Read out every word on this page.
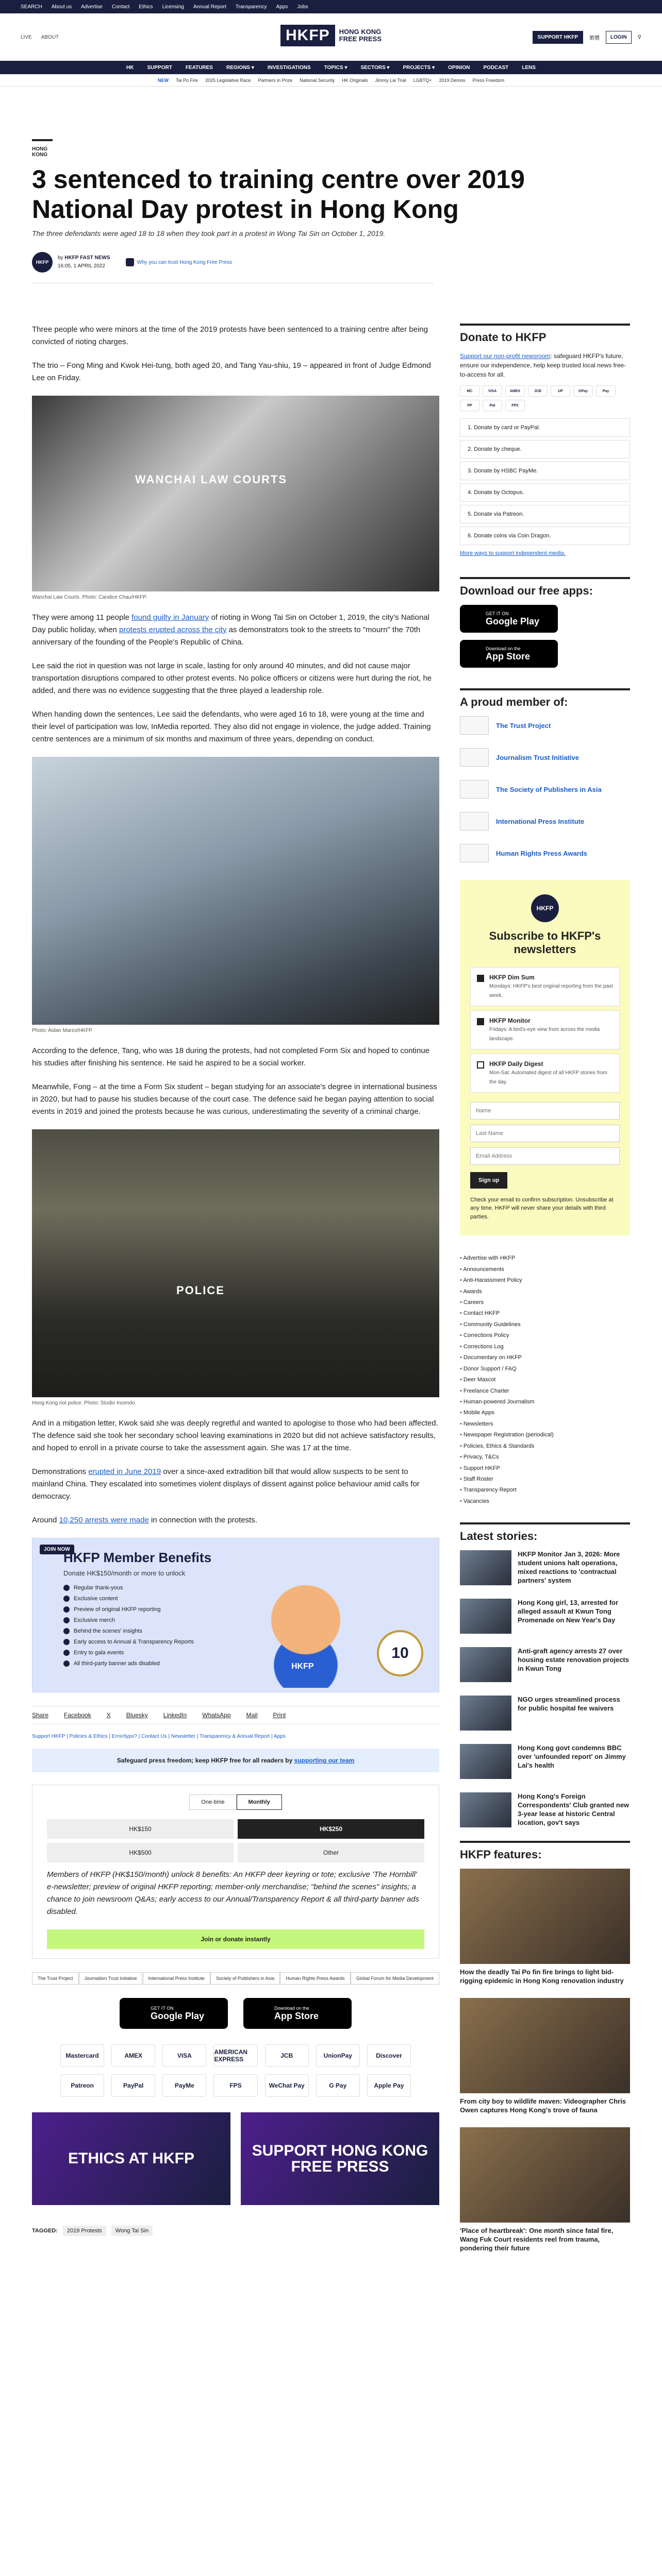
SEARCH About us Advertise Contact Ethics Licensing Annual Report Transparency Apps Jobs
LIVE ABOUT	HKFP	HONG KONG
FREE PRESS	SUPPORT HKFP	繁體	LOGIN	⚲
HK	SUPPORT	FEATURES	REGIONS ▾	INVESTIGATIONS	TOPICS ▾	SECTORS ▾	PROJECTS ▾	OPINION	PODCAST	LENS
NEW Tai Po Fire 2025 Legislative Race Partners in Prize National Security HK Originals Jimmy Lai Trial LGBTQ+ 2019 Demos Press Freedom
HONG KONG
3 sentenced to training centre over 2019 National Day protest in Hong Kong

The three defendants were aged 18 to 18 when they took part in a protest in Wong Tai Sin on October 1, 2019.

HKFP
by HKFP FAST NEWS
16:05, 1 APRIL 2022
Why you can trust Hong Kong Free Press

Three people who were minors at the time of the 2019 protests have been sentenced to a training centre after being convicted of rioting charges.

The trio – Fong Ming and Kwok Hei-tung, both aged 20, and Tang Yau-shiu, 19 – appeared in front of Judge Edmond Lee on Friday.

WANCHAI LAW COURTS
Wanchai Law Courts. Photo: Candice Chau/HKFP.

They were among 11 people found guilty in January of rioting in Wong Tai Sin on October 1, 2019, the city's National Day public holiday, when protests erupted across the city as demonstrators took to the streets to "mourn" the 70th anniversary of the founding of the People's Republic of China.

Lee said the riot in question was not large in scale, lasting for only around 40 minutes, and did not cause major transportation disruptions compared to other protest events. No police officers or citizens were hurt during the riot, he added, and there was no evidence suggesting that the three played a leadership role.

When handing down the sentences, Lee said the defendants, who were aged 16 to 18, were young at the time and their level of participation was low, InMedia reported. They also did not engage in violence, the judge added. Training centre sentences are a minimum of six months and maximum of three years, depending on conduct.

Photo: Aidan Marzo/HKFP.

According to the defence, Tang, who was 18 during the protests, had not completed Form Six and hoped to continue his studies after finishing his sentence. He said he aspired to be a social worker.

Meanwhile, Fong – at the time a Form Six student – began studying for an associate's degree in international business in 2020, but had to pause his studies because of the court case. The defence said he began paying attention to social events in 2019 and joined the protests because he was curious, underestimating the severity of a criminal charge.

POLICE
Hong Kong riot police. Photo: Studio Incendo.

And in a mitigation letter, Kwok said she was deeply regretful and wanted to apologise to those who had been affected. The defence said she took her secondary school leaving examinations in 2020 but did not achieve satisfactory results, and hoped to enroll in a private course to take the assessment again. She was 17 at the time.

Demonstrations erupted in June 2019 over a since-axed extradition bill that would allow suspects to be sent to mainland China. They escalated into sometimes violent displays of dissent against police behaviour amid calls for democracy.

Around 10,250 arrests were made in connection with the protests.

JOIN NOW
HKFP Member Benefits
Donate HK$150/month or more to unlock
Regular thank-yous
Exclusive content
Preview of original HKFP reporting
Exclusive merch
Behind the scenes' insights
Early access to Annual & Transparency Reports
Entry to gala events
All third-party banner ads disabled	HKFP
10
Share	Facebook	X	Bluesky	LinkedIn	WhatsApp	Mail	Print
Support HKFP | Policies & Ethics | Error/typo? | Contact Us | Newsletter | Transparency & Annual Report | Apps
Safeguard press freedom; keep HKFP free for all readers by supporting our team
One-time	Monthly
HK$150	HK$250
HK$500	Other

Members of HKFP (HK$150/month) unlock 8 benefits: An HKFP deer keyring or tote; exclusive 'The Hornbill' e-newsletter; preview of original HKFP reporting; member-only merchandise; "behind the scenes" insights; a chance to join newsroom Q&As; early access to our Annual/Transparency Report & all third-party banner ads disabled.

Join or donate instantly
The Trust Project	Journalism Trust Initiative	International Press Institute	Society of Publishers in Asia	Human Rights Press Awards	Global Forum for Media Development
GET IT ON
Google Play
Download on the
App Store
Mastercard	AMEX	VISA	AMERICAN EXPRESS	JCB	UnionPay	Discover
Patreon	PayPal	PayMe	FPS	WeChat Pay	G Pay	Apple Pay
ETHICS AT HKFP	SUPPORT HONG KONG FREE PRESS
TAGGED:	2019 Protests	Wong Tai Sin
Donate to HKFP

Support our non-profit newsroom: safeguard HKFP's future, ensure our independence, help keep trusted local news free-to-access for all.

MC	VISA	AMEX	JCB	UP	GPay	Pay
PP	Pat	FPS
1. Donate by card or PayPal.
2. Donate by cheque.
3. Donate by HSBC PayMe.
4. Donate by Octopus.
5. Donate via Patreon.
6. Donate coins via Coin Dragon.
More ways to support independent media.
Download our free apps:
GET IT ON
Google Play
Download on the
App Store
A proud member of:
The Trust Project
Journalism Trust Initiative
The Society of Publishers in Asia
International Press Institute
Human Rights Press Awards
HKFP
Subscribe to HKFP's newsletters
HKFP Dim Sum
Mondays: HKFP's best original reporting from the past week.
HKFP Monitor
Fridays: A bird's-eye view from across the media landscape.
HKFP Daily Digest
Mon-Sat: Automated digest of all HKFP stories from the day.
Name Last Name Email Address Sign up

Check your email to confirm subscription. Unsubscribe at any time. HKFP will never share your details with third parties.

• Advertise with HKFP
• Announcements
• Anti-Harassment Policy
• Awards
• Careers
• Contact HKFP
• Community Guidelines
• Corrections Policy
• Corrections Log
• Documentary on HKFP
• Donor Support / FAQ
• Deer Mascot
• Freelance Charter
• Human-powered Journalism
• Mobile Apps
• Newsletters
• Newspaper Registration (periodical)
• Policies, Ethics & Standards
• Privacy, T&Cs
• Support HKFP
• Staff Roster
• Transparency Report
• Vacancies
Latest stories:

HKFP Monitor Jan 3, 2026: More student unions halt operations, mixed reactions to 'contractual partners' system

Hong Kong girl, 13, arrested for alleged assault at Kwun Tong Promenade on New Year's Day

Anti-graft agency arrests 27 over housing estate renovation projects in Kwun Tong

NGO urges streamlined process for public hospital fee waivers

Hong Kong govt condemns BBC over 'unfounded report' on Jimmy Lai's health

Hong Kong's Foreign Correspondents' Club granted new 3-year lease at historic Central location, gov't says

HKFP features:

How the deadly Tai Po fin fire brings to light bid-rigging epidemic in Hong Kong renovation industry

From city boy to wildlife maven: Videographer Chris Owen captures Hong Kong's trove of fauna

'Place of heartbreak': One month since fatal fire, Wang Fuk Court residents reel from trauma, pondering their future
